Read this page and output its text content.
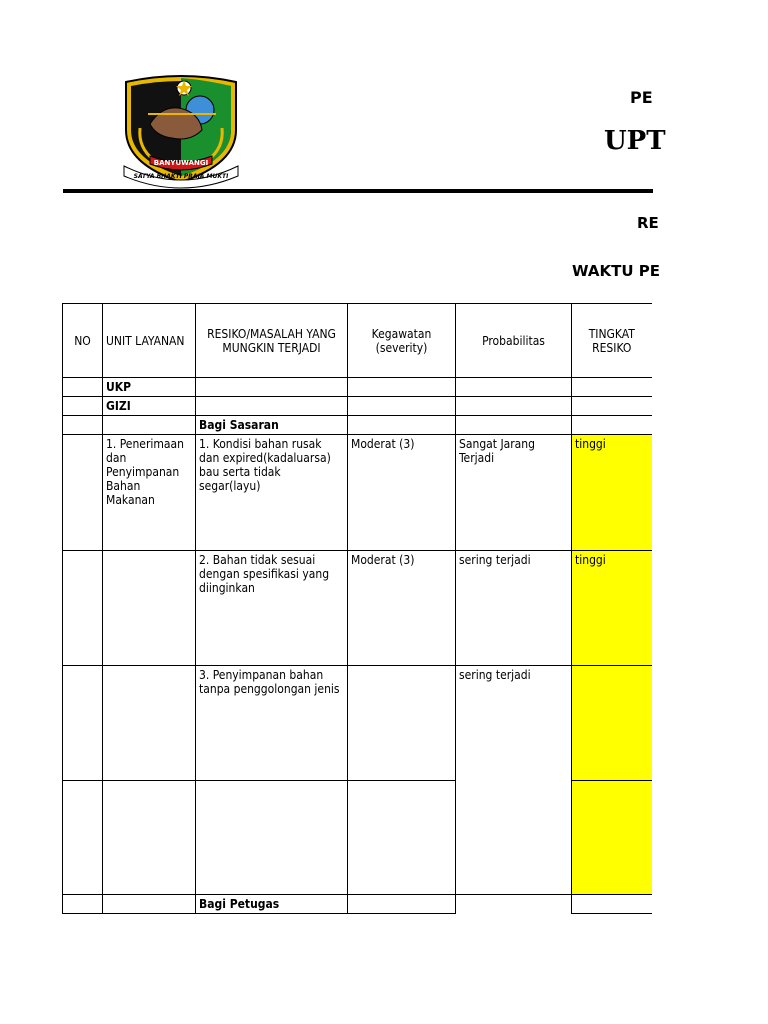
BANYUWANGI
SATYA BHAKTI PRAJA MUKTI
PE
UPT
RE
WAKTU PE
NO	UNIT LAYANAN	RESIKO/MASALAH YANG MUNGKIN TERJADI	Kegawatan (severity)	Probabilitas	TINGKAT RESIKO
	UKP				
	GIZI				
		Bagi Sasaran			
	1. Penerimaan dan Penyimpanan Bahan Makanan	1. Kondisi bahan rusak dan expired(kadaluarsa) bau serta tidak segar(layu)	Moderat (3)	Sangat Jarang Terjadi	tinggi
		2. Bahan tidak sesuai dengan spesifikasi yang diinginkan	Moderat (3)	sering terjadi	tinggi
		3. Penyimpanan bahan tanpa penggolongan jenis		sering terjadi	

		Bagi Petugas			
